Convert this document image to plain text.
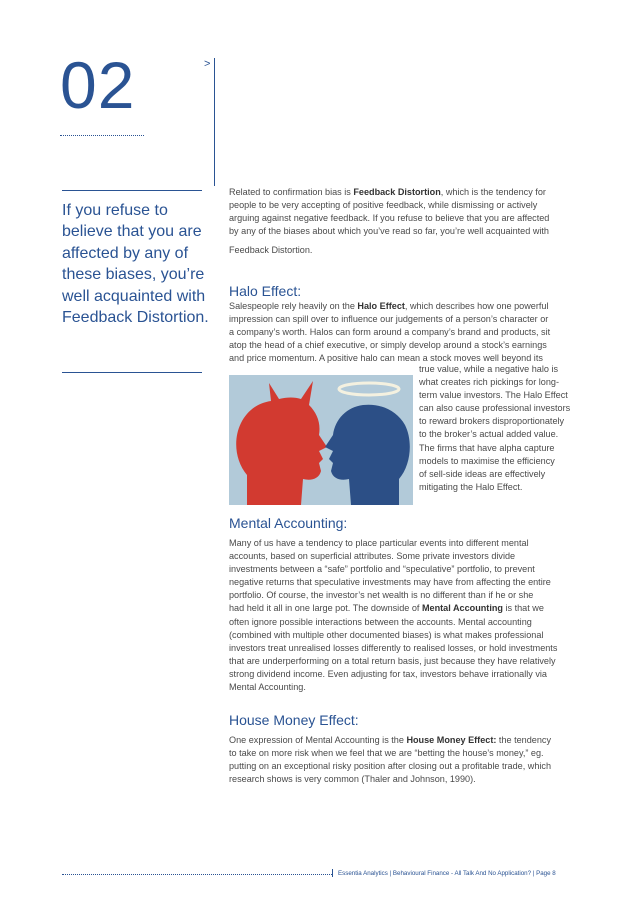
02	>
If you refuse to believe that you are affected by any of these biases, you’re well acquainted with Feedback Distortion.

Related to confirmation bias is Feedback Distortion, which is the tendency for

people to be very accepting of positive feedback, while dismissing or actively

arguing against negative feedback. If you refuse to believe that you are affected

by any of the biases about which you’ve read so far, you’re well acquainted with

Feedback Distortion.

Halo Effect:

Salespeople rely heavily on the Halo Effect, which describes how one powerful

impression can spill over to influence our judgements of a person’s character or

a company’s worth. Halos can form around a company’s brand and products, sit

atop the head of a chief executive, or simply develop around a stock’s earnings

and price momentum. A positive halo can mean a stock moves well beyond its

true value, while a negative halo is

what creates rich pickings for long-

term value investors. The Halo Effect

can also cause professional investors

to reward brokers disproportionately

to the broker’s actual added value.

The firms that have alpha capture

models to maximise the efficiency

of sell-side ideas are effectively

mitigating the Halo Effect.

Mental Accounting:

Many of us have a tendency to place particular events into different mental

accounts, based on superficial attributes. Some private investors divide

investments between a “safe” portfolio and “speculative” portfolio, to prevent

negative returns that speculative investments may have from affecting the entire

portfolio. Of course, the investor’s net wealth is no different than if he or she

had held it all in one large pot. The downside of Mental Accounting is that we

often ignore possible interactions between the accounts. Mental accounting

(combined with multiple other documented biases) is what makes professional

investors treat unrealised losses differently to realised losses, or hold investments

that are underperforming on a total return basis, just because they have relatively

strong dividend income. Even adjusting for tax, investors behave irrationally via

Mental Accounting.

House Money Effect:

One expression of Mental Accounting is the House Money Effect: the tendency

to take on more risk when we feel that we are “betting the house’s money,” eg.

putting on an exceptional risky position after closing out a profitable trade, which

research shows is very common (Thaler and Johnson, 1990).

Essentia Analytics | Behavioural Finance - All Talk And No Application? | Page 8
